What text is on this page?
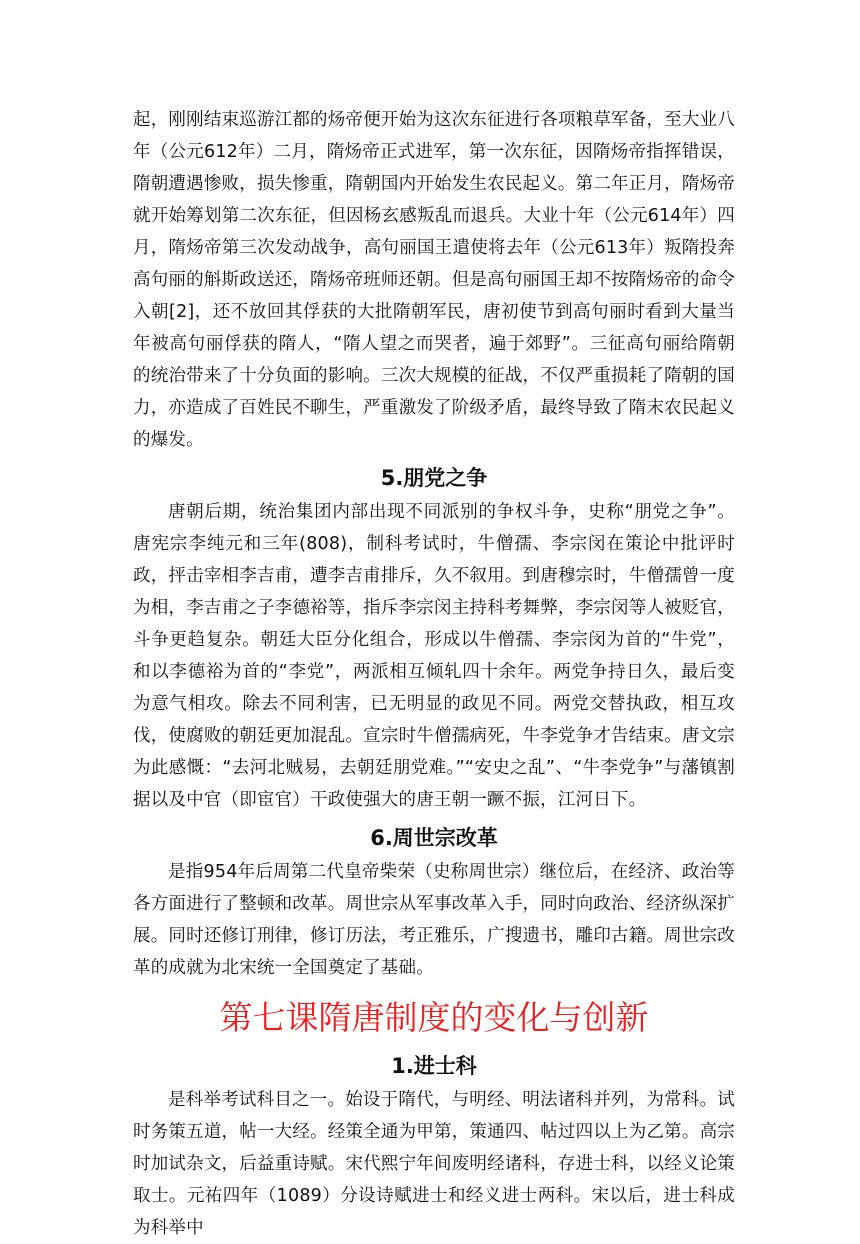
起，刚刚结束巡游江都的炀帝便开始为这次东征进行各项粮草军备，至大业八年（公元612年）二月，隋炀帝正式进军，第一次东征，因隋炀帝指挥错误，隋朝遭遇惨败，损失惨重，隋朝国内开始发生农民起义。第二年正月，隋炀帝就开始筹划第二次东征，但因杨玄感叛乱而退兵。大业十年（公元614年）四月，隋炀帝第三次发动战争，高句丽国王遣使将去年（公元613年）叛隋投奔高句丽的斛斯政送还，隋炀帝班师还朝。但是高句丽国王却不按隋炀帝的命令入朝[2]，还不放回其俘获的大批隋朝军民，唐初使节到高句丽时看到大量当年被高句丽俘获的隋人，“隋人望之而哭者，遍于郊野”。三征高句丽给隋朝的统治带来了十分负面的影响。三次大规模的征战，不仅严重损耗了隋朝的国力，亦造成了百姓民不聊生，严重激发了阶级矛盾，最终导致了隋末农民起义的爆发。

5.朋党之争

唐朝后期，统治集团内部出现不同派别的争权斗争，史称“朋党之争”。唐宪宗李纯元和三年(808)，制科考试时，牛僧孺、李宗闵在策论中批评时政，抨击宰相李吉甫，遭李吉甫排斥，久不叙用。到唐穆宗时，牛僧孺曾一度为相，李吉甫之子李德裕等，指斥李宗闵主持科考舞弊，李宗闵等人被贬官，斗争更趋复杂。朝廷大臣分化组合，形成以牛僧孺、李宗闵为首的“牛党”，和以李德裕为首的“李党”，两派相互倾轧四十余年。两党争持日久，最后变为意气相攻。除去不同利害，已无明显的政见不同。两党交替执政，相互攻伐，使腐败的朝廷更加混乱。宣宗时牛僧孺病死，牛李党争才告结束。唐文宗为此感慨：“去河北贼易，去朝廷朋党难。”“安史之乱”、“牛李党争”与藩镇割据以及中官（即宦官）干政使强大的唐王朝一蹶不振，江河日下。

6.周世宗改革

是指954年后周第二代皇帝柴荣（史称周世宗）继位后，在经济、政治等各方面进行了整顿和改革。周世宗从军事改革入手，同时向政治、经济纵深扩展。同时还修订刑律，修订历法，考正雅乐，广搜遗书，雕印古籍。周世宗改革的成就为北宋统一全国奠定了基础。

第七课隋唐制度的变化与创新
1.进士科

是科举考试科目之一。始设于隋代，与明经、明法诸科并列，为常科。试时务策五道，帖一大经。经策全通为甲第，策通四、帖过四以上为乙第。高宗时加试杂文，后益重诗赋。宋代熙宁年间废明经诸科，存进士科，以经义论策取士。元祐四年（1089）分设诗赋进士和经义进士两科。宋以后，进士科成为科举中
